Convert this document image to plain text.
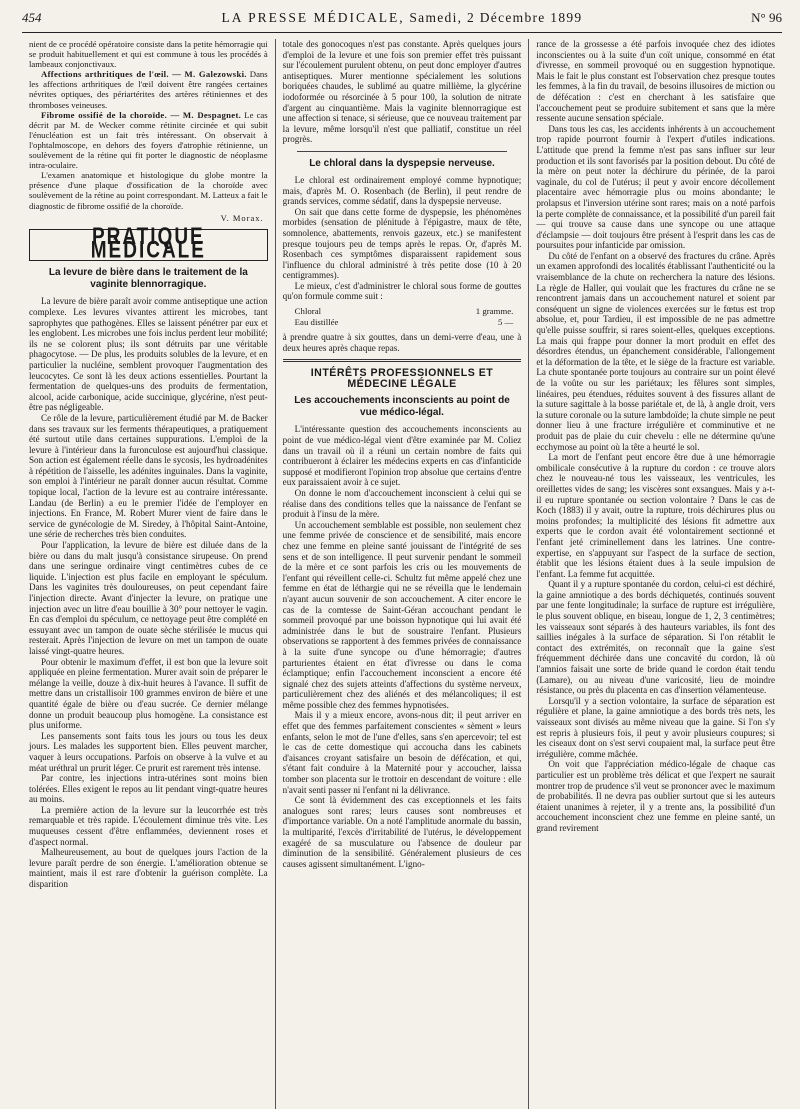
454	LA PRESSE MÉDICALE, Samedi, 2 Décembre 1899	N° 96

nient de ce procédé opératoire consiste dans la petite hémorragie qui se produit habituellement et qui est commune à tous les procédés à lambeaux conjonctivaux.

Affections arthritiques de l'œil. — M. Galezowski. Dans les affections arthritiques de l'œil doivent être rangées certaines névrites optiques, des périartérites des artères rétiniennes et des thromboses veineuses.

Fibrome ossifié de la choroïde. — M. Despagnet. Le cas décrit par M. de Wecker comme rétinite circinée et qui subit l'énucléation est un fait très intéressant. On observait à l'ophtalmoscope, en dehors des foyers d'atrophie rétinienne, un soulèvement de la rétine qui fit porter le diagnostic de néoplasme intra-oculaire.

L'examen anatomique et histologique du globe montre la présence d'une plaque d'ossification de la choroïde avec soulèvement de la rétine au point correspondant. M. Latteux a fait le diagnostic de fibrome ossifié de la choroïde.

V. Morax.
PRATIQUE MÉDICALE
La levure de bière dans le traitement de la vaginite blennorragique.

La levure de bière paraît avoir comme antiseptique une action complexe. Les levures vivantes attirent les microbes, tant saprophytes que pathogènes. Elles se laissent pénétrer par eux et les englobent. Les microbes une fois inclus perdent leur mobilité; ils ne se colorent plus; ils sont détruits par une véritable phagocytose. — De plus, les produits solubles de la levure, et en particulier la nucléine, semblent provoquer l'augmentation des leucocytes. Ce sont là les deux actions essentielles. Pourtant la fermentation de quelques-uns des produits de fermentation, alcool, acide carbonique, acide succinique, glycérine, n'est peut-être pas négligeable.

Ce rôle de la levure, particulièrement étudié par M. de Backer dans ses travaux sur les ferments thérapeutiques, a pratiquement été surtout utile dans certaines suppurations. L'emploi de la levure à l'intérieur dans la furonculose est aujourd'hui classique. Son action est également réelle dans le sycosis, les hydroadénites à répétition de l'aisselle, les adénites inguinales. Dans la vaginite, son emploi à l'intérieur ne paraît donner aucun résultat. Comme topique local, l'action de la levure est au contraire intéressante. Landau (de Berlin) a eu le premier l'idée de l'employer en injections. En France, M. Robert Murer vient de faire dans le service de gynécologie de M. Siredey, à l'hôpital Saint-Antoine, une série de recherches très bien conduites.

Pour l'application, la levure de bière est diluée dans de la bière ou dans du malt jusqu'à consistance sirupeuse. On prend dans une seringue ordinaire vingt centimètres cubes de ce liquide. L'injection est plus facile en employant le spéculum. Dans les vaginites très douloureuses, on peut cependant faire l'injection directe. Avant d'injecter la levure, on pratique une injection avec un litre d'eau bouillie à 30° pour nettoyer le vagin. En cas d'emploi du spéculum, ce nettoyage peut être complété en essuyant avec un tampon de ouate sèche stérilisée le mucus qui resterait. Après l'injection de levure on met un tampon de ouate laissé vingt-quatre heures.

Pour obtenir le maximum d'effet, il est bon que la levure soit appliquée en pleine fermentation. Murer avait soin de préparer le mélange la veille, douze à dix-huit heures à l'avance. Il suffit de mettre dans un cristallisoir 100 grammes environ de bière et une quantité égale de bière ou d'eau sucrée. Ce dernier mélange donne un produit beaucoup plus homogène. La consistance est plus uniforme.

Les pansements sont faits tous les jours ou tous les deux jours. Les malades les supportent bien. Elles peuvent marcher, vaquer à leurs occupations. Parfois on observe à la vulve et au méat uréthral un prurit léger. Ce prurit est rarement très intense.

Par contre, les injections intra-utérines sont moins bien tolérées. Elles exigent le repos au lit pendant vingt-quatre heures au moins.

La première action de la levure sur la leucorrhée est très remarquable et très rapide. L'écoulement diminue très vite. Les muqueuses cessent d'être enflammées, deviennent roses et d'aspect normal.

Malheureusement, au bout de quelques jours l'action de la levure paraît perdre de son énergie. L'amélioration obtenue se maintient, mais il est rare d'obtenir la guérison complète. La disparition

totale des gonocoques n'est pas constante. Après quelques jours d'emploi de la levure et une fois son premier effet très puissant sur l'écoulement purulent obtenu, on peut donc employer d'autres antiseptiques. Murer mentionne spécialement les solutions boriquées chaudes, le sublimé au quatre millième, la glycérine iodoformée ou résorcinée à 5 pour 100, la solution de nitrate d'argent au cinquantième. Mais la vaginite blennorragique est une affection si tenace, si sérieuse, que ce nouveau traitement par la levure, même lorsqu'il n'est que palliatif, constitue un réel progrès.

Le chloral dans la dyspepsie nerveuse.

Le chloral est ordinairement employé comme hypnotique; mais, d'après M. O. Rosenbach (de Berlin), il peut rendre de grands services, comme sédatif, dans la dyspepsie nerveuse.

On sait que dans cette forme de dyspepsie, les phénomènes morbides (sensation de plénitude à l'épigastre, maux de tête, somnolence, abattements, renvois gazeux, etc.) se manifestent presque toujours peu de temps après le repas. Or, d'après M. Rosenbach ces symptômes disparaissent rapidement sous l'influence du chloral administré à très petite dose (10 à 20 centigrammes).

Le mieux, c'est d'administrer le chloral sous forme de gouttes qu'on formule comme suit :

Chloral	1 gramme.
Eau distillée	5 —

à prendre quatre à six gouttes, dans un demi-verre d'eau, une à deux heures après chaque repas.

INTÉRÊTS PROFESSIONNELS ET MÉDECINE LÉGALE
Les accouchements inconscients au point de vue médico-légal.

L'intéressante question des accouchements inconscients au point de vue médico-légal vient d'être examinée par M. Coliez dans un travail où il a réuni un certain nombre de faits qui contribueront à éclairer les médecins experts en cas d'infanticide supposé et modifieront l'opinion trop absolue que certains d'entre eux paraissaient avoir à ce sujet.

On donne le nom d'accouchement inconscient à celui qui se réalise dans des conditions telles que la naissance de l'enfant se produit à l'insu de la mère.

Un accouchement semblable est possible, non seulement chez une femme privée de conscience et de sensibilité, mais encore chez une femme en pleine santé jouissant de l'intégrité de ses sens et de son intelligence. Il peut survenir pendant le sommeil de la mère et ce sont parfois les cris ou les mouvements de l'enfant qui réveillent celle-ci. Schultz fut même appelé chez une femme en état de léthargie qui ne se réveilla que le lendemain n'ayant aucun souvenir de son accouchement. A citer encore le cas de la comtesse de Saint-Géran accouchant pendant le sommeil provoqué par une boisson hypnotique qui lui avait été administrée dans le but de soustraire l'enfant. Plusieurs observations se rapportent à des femmes privées de connaissance à la suite d'une syncope ou d'une hémorragie; d'autres parturientes étaient en état d'ivresse ou dans le coma éclamptique; enfin l'accouchement inconscient a encore été signalé chez des sujets atteints d'affections du système nerveux, particulièrement chez des aliénés et des mélancoliques; il est même possible chez des femmes hypnotisées.

Mais il y a mieux encore, avons-nous dit; il peut arriver en effet que des femmes parfaitement conscientes « sèment » leurs enfants, selon le mot de l'une d'elles, sans s'en apercevoir; tel est le cas de cette domestique qui accoucha dans les cabinets d'aisances croyant satisfaire un besoin de défécation, et qui, s'étant fait conduire à la Maternité pour y accoucher, laissa tomber son placenta sur le trottoir en descendant de voiture : elle n'avait senti passer ni l'enfant ni la délivrance.

Ce sont là évidemment des cas exceptionnels et les faits analogues sont rares; leurs causes sont nombreuses et d'importance variable. On a noté l'amplitude anormale du bassin, la multiparité, l'excès d'irritabilité de l'utérus, le développement exagéré de sa musculature ou l'absence de douleur par diminution de la sensibilité. Généralement plusieurs de ces causes agissent simultanément. L'igno-

rance de la grossesse a été parfois invoquée chez des idiotes inconscientes ou à la suite d'un coït unique, consommé en état d'ivresse, en sommeil provoqué ou en suggestion hypnotique. Mais le fait le plus constant est l'observation chez presque toutes les femmes, à la fin du travail, de besoins illusoires de miction ou de défécation : c'est en cherchant à les satisfaire que l'accouchement peut se produire subitement et sans que la mère ressente aucune sensation spéciale.

Dans tous les cas, les accidents inhérents à un accouchement trop rapide pourront fournir à l'expert d'utiles indications. L'attitude que prend la femme n'est pas sans influer sur leur production et ils sont favorisés par la position debout. Du côté de la mère on peut noter la déchirure du périnée, de la paroi vaginale, du col de l'utérus; il peut y avoir encore décollement placentaire avec hémorragie plus ou moins abondante; le prolapsus et l'inversion utérine sont rares; mais on a noté parfois la perte complète de connaissance, et la possibilité d'un pareil fait — qui trouve sa cause dans une syncope ou une attaque d'éclampsie — doit toujours être présent à l'esprit dans les cas de poursuites pour infanticide par omission.

Du côté de l'enfant on a observé des fractures du crâne. Après un examen approfondi des localités établissant l'authenticité ou la vraisemblance de la chute on recherchera la nature des lésions. La règle de Haller, qui voulait que les fractures du crâne ne se rencontrent jamais dans un accouchement naturel et soient par conséquent un signe de violences exercées sur le fœtus est trop absolue, et, pour Tardieu, il est impossible de ne pas admettre qu'elle puisse souffrir, si rares soient-elles, quelques exceptions. La mais qui frappe pour donner la mort produit en effet des désordres étendus, un épanchement considérable, l'allongement et la déformation de la tête, et le siège de la fracture est variable. La chute spontanée porte toujours au contraire sur un point élevé de la voûte ou sur les pariétaux; les fêlures sont simples, linéaires, peu étendues, réduites souvent à des fissures allant de la suture sagittale à la bosse pariétale et, de là, à angle droit, vers la suture coronale ou la suture lambdoïde; la chute simple ne peut donner lieu à une fracture irrégulière et comminutive et ne produit pas de plaie du cuir chevelu : elle ne détermine qu'une ecchymose au point où la tête a heurté le sol.

La mort de l'enfant peut encore être due à une hémorragie ombilicale consécutive à la rupture du cordon : ce trouve alors chez le nouveau-né tous les vaisseaux, les ventricules, les oreillettes vides de sang; les viscères sont exsangues. Mais y a-t-il eu rupture spontanée ou section volontaire ? Dans le cas de Koch (1883) il y avait, outre la rupture, trois déchirures plus ou moins profondes; la multiplicité des lésions fit admettre aux experts que le cordon avait été volontairement sectionné et l'enfant jeté criminellement dans les latrines. Une contre-expertise, en s'appuyant sur l'aspect de la surface de section, établit que les lésions étaient dues à la seule impulsion de l'enfant. La femme fut acquittée.

Quant il y a rupture spontanée du cordon, celui-ci est déchiré, la gaine amniotique a des bords déchiquetés, continués souvent par une fente longitudinale; la surface de rupture est irrégulière, le plus souvent oblique, en biseau, longue de 1, 2, 3 centimètres; les vaisseaux sont séparés à des hauteurs variables, ils font des saillies inégales à la surface de séparation. Si l'on rétablit le contact des extrémités, on reconnaît que la gaine s'est fréquemment déchirée dans une concavité du cordon, là où l'amnios faisait une sorte de bride quand le cordon était tendu (Lamare), ou au niveau d'une varicosité, lieu de moindre résistance, ou près du placenta en cas d'insertion vélamenteuse.

Lorsqu'il y a section volontaire, la surface de séparation est régulière et plane, la gaine amniotique a des bords très nets, les vaisseaux sont divisés au même niveau que la gaine. Si l'on s'y est repris à plusieurs fois, il peut y avoir plusieurs coupures; si les ciseaux dont on s'est servi coupaient mal, la surface peut être irrégulière, comme mâchée.

On voit que l'appréciation médico-légale de chaque cas particulier est un problème très délicat et que l'expert ne saurait montrer trop de prudence s'il veut se prononcer avec le maximum de probabilités. Il ne devra pas oublier surtout que si les auteurs étaient unanimes à rejeter, il y a trente ans, la possibilité d'un accouchement inconscient chez une femme en pleine santé, un grand revirement
